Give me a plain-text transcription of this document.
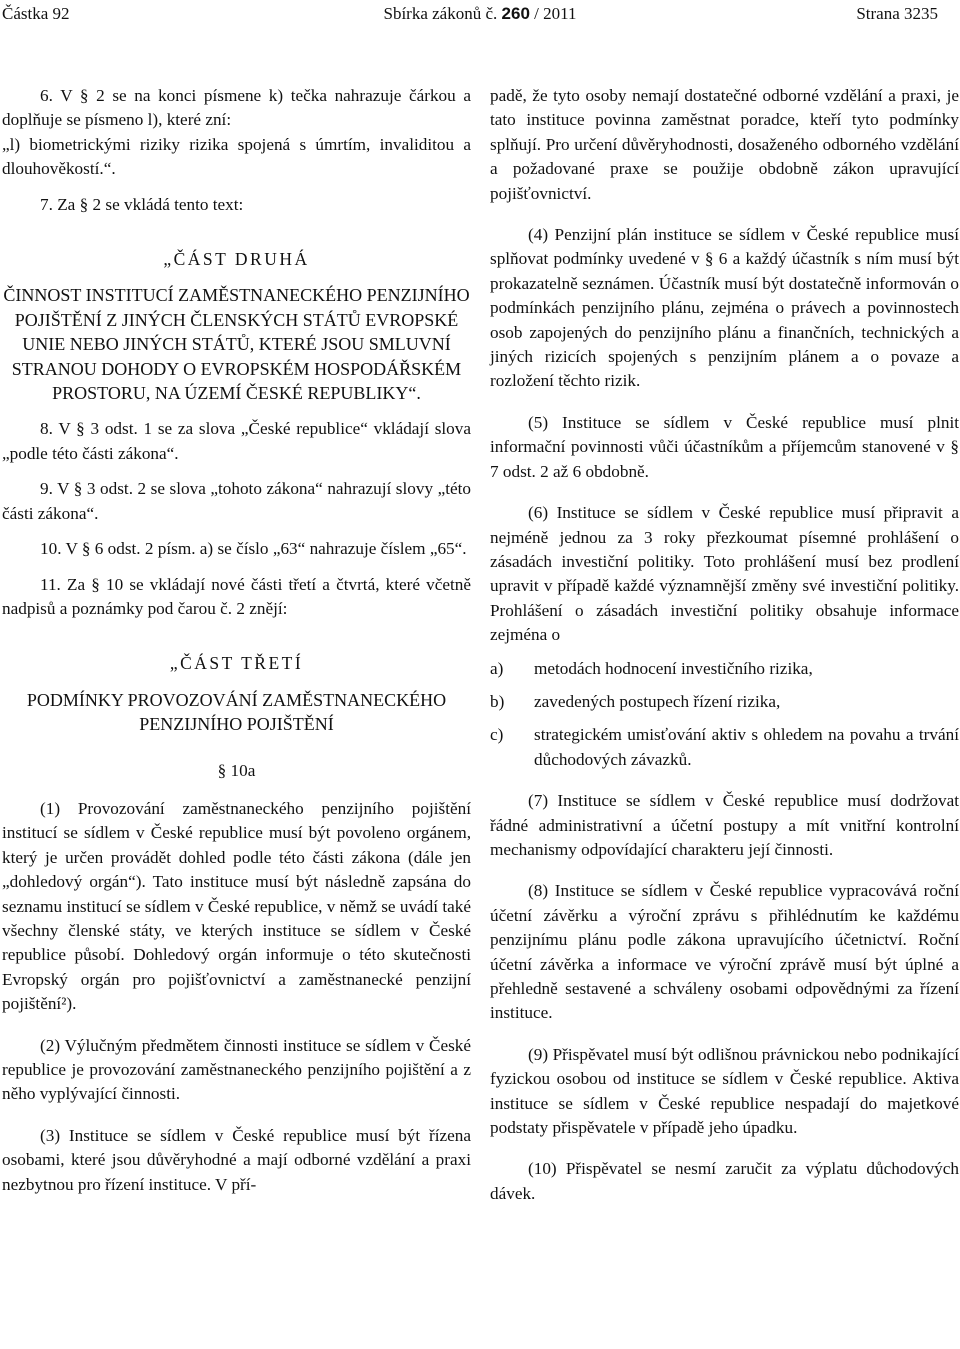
Částka 92	Sbírka zákonů č. 260 / 2011	Strana 3235

6. V § 2 se na konci písmene k) tečka nahrazuje čárkou a doplňuje se písmeno l), které zní:

„l) biometrickými riziky rizika spojená s úmrtím, invaliditou a dlouhověkostí.“.

7. Za § 2 se vkládá tento text:

„ČÁST DRUHÁ
ČINNOST INSTITUCÍ ZAMĚSTNANECKÉHO PENZIJNÍHO POJIŠTĚNÍ Z JINÝCH ČLENSKÝCH STÁTŮ EVROPSKÉ UNIE NEBO JINÝCH STÁTŮ, KTERÉ JSOU SMLUVNÍ STRANOU DOHODY O EVROPSKÉM HOSPODÁŘSKÉM PROSTORU, NA ÚZEMÍ ČESKÉ REPUBLIKY“.

8. V § 3 odst. 1 se za slova „České republice“ vkládají slova „podle této části zákona“.

9. V § 3 odst. 2 se slova „tohoto zákona“ nahrazují slovy „této části zákona“.

10. V § 6 odst. 2 písm. a) se číslo „63“ nahrazuje číslem „65“.

11. Za § 10 se vkládají nové části třetí a čtvrtá, které včetně nadpisů a poznámky pod čarou č. 2 znějí:

„ČÁST TŘETÍ
PODMÍNKY PROVOZOVÁNÍ ZAMĚSTNANECKÉHO PENZIJNÍHO POJIŠTĚNÍ
§ 10a

(1) Provozování zaměstnaneckého penzijního pojištění institucí se sídlem v České republice musí být povoleno orgánem, který je určen provádět dohled podle této části zákona (dále jen „dohledový orgán“). Tato instituce musí být následně zapsána do seznamu institucí se sídlem v České republice, v němž se uvádí také všechny členské státy, ve kterých instituce se sídlem v České republice působí. Dohledový orgán informuje o této skutečnosti Evropský orgán pro pojišťovnictví a zaměstnanecké penzijní pojištění²).

(2) Výlučným předmětem činnosti instituce se sídlem v České republice je provozování zaměstnaneckého penzijního pojištění a z něho vyplývající činnosti.

(3) Instituce se sídlem v České republice musí být řízena osobami, které jsou důvěryhodné a mají odborné vzdělání a praxi nezbytnou pro řízení instituce. V pří-

padě, že tyto osoby nemají dostatečné odborné vzdělání a praxi, je tato instituce povinna zaměstnat poradce, kteří tyto podmínky splňují. Pro určení důvěryhodnosti, dosaženého odborného vzdělání a požadované praxe se použije obdobně zákon upravující pojišťovnictví.

(4) Penzijní plán instituce se sídlem v České republice musí splňovat podmínky uvedené v § 6 a každý účastník s ním musí být prokazatelně seznámen. Účastník musí být dostatečně informován o podmínkách penzijního plánu, zejména o právech a povinnostech osob zapojených do penzijního plánu a finančních, technických a jiných rizicích spojených s penzijním plánem a o povaze a rozložení těchto rizik.

(5) Instituce se sídlem v České republice musí plnit informační povinnosti vůči účastníkům a příjemcům stanovené v § 7 odst. 2 až 6 obdobně.

(6) Instituce se sídlem v České republice musí připravit a nejméně jednou za 3 roky přezkoumat písemné prohlášení o zásadách investiční politiky. Toto prohlášení musí bez prodlení upravit v případě každé významnější změny své investiční politiky. Prohlášení o zásadách investiční politiky obsahuje informace zejména o

a)	metodách hodnocení investičního rizika,
b)	zavedených postupech řízení rizika,
c)	strategickém umisťování aktiv s ohledem na povahu a trvání důchodových závazků.

(7) Instituce se sídlem v České republice musí dodržovat řádné administrativní a účetní postupy a mít vnitřní kontrolní mechanismy odpovídající charakteru její činnosti.

(8) Instituce se sídlem v České republice vypracovává roční účetní závěrku a výroční zprávu s přihlédnutím ke každému penzijnímu plánu podle zákona upravujícího účetnictví. Roční účetní závěrka a informace ve výroční zprávě musí být úplné a přehledně sestavené a schváleny osobami odpovědnými za řízení instituce.

(9) Přispěvatel musí být odlišnou právnickou nebo podnikající fyzickou osobou od instituce se sídlem v České republice. Aktiva instituce se sídlem v České republice nespadají do majetkové podstaty přispěvatele v případě jeho úpadku.

(10) Přispěvatel se nesmí zaručit za výplatu důchodových dávek.
